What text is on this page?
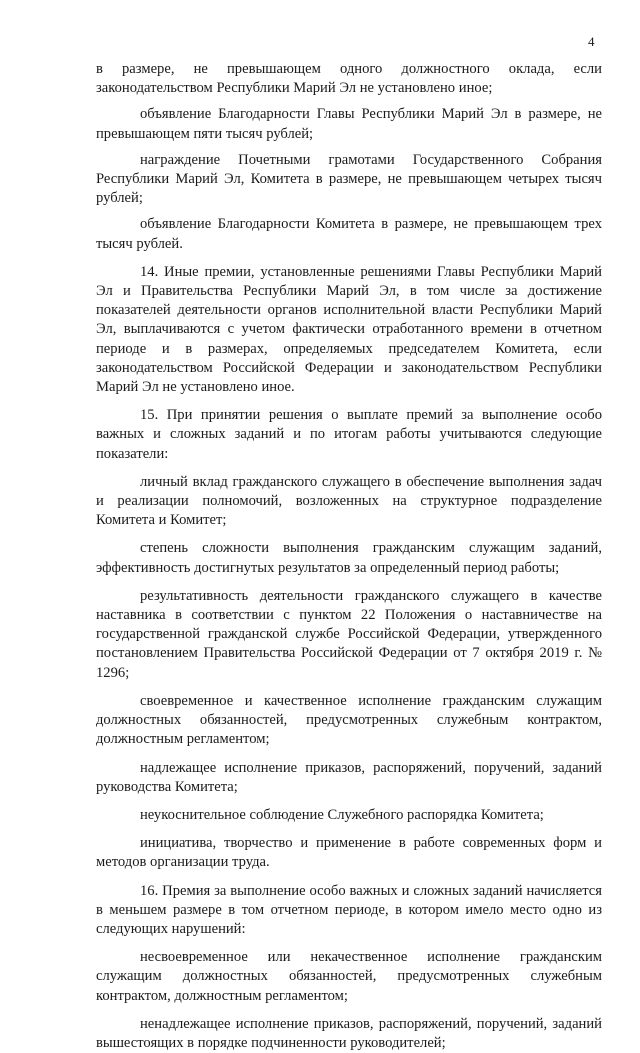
4

в размере, не превышающем одного должностного оклада, если законодательством Республики Марий Эл не установлено иное;

объявление Благодарности Главы Республики Марий Эл в размере, не превышающем пяти тысяч рублей;

награждение Почетными грамотами Государственного Собрания Республики Марий Эл, Комитета в размере, не превышающем четырех тысяч рублей;

объявление Благодарности Комитета в размере, не превышающем трех тысяч рублей.

14. Иные премии, установленные решениями Главы Республики Марий Эл и Правительства Республики Марий Эл, в том числе за достижение показателей деятельности органов исполнительной власти Республики Марий Эл, выплачиваются с учетом фактически отработанного времени в отчетном периоде и в размерах, определяемых председателем Комитета, если законодательством Российской Федерации и законодательством Республики Марий Эл не установлено иное.

15. При принятии решения о выплате премий за выполнение особо важных и сложных заданий и по итогам работы учитываются следующие показатели:

личный вклад гражданского служащего в обеспечение выполнения задач и реализации полномочий, возложенных на структурное подразделение Комитета и Комитет;

степень сложности выполнения гражданским служащим заданий, эффективность достигнутых результатов за определенный период работы;

результативность деятельности гражданского служащего в качестве наставника в соответствии с пунктом 22 Положения о наставничестве на государственной гражданской службе Российской Федерации, утвержденного постановлением Правительства Российской Федерации от 7 октября 2019 г. № 1296;

своевременное и качественное исполнение гражданским служащим должностных обязанностей, предусмотренных служебным контрактом, должностным регламентом;

надлежащее исполнение приказов, распоряжений, поручений, заданий руководства Комитета;

неукоснительное соблюдение Служебного распорядка Комитета;

инициатива, творчество и применение в работе современных форм и методов организации труда.

16. Премия за выполнение особо важных и сложных заданий начисляется в меньшем размере в том отчетном периоде, в котором имело место одно из следующих нарушений:

несвоевременное или некачественное исполнение гражданским служащим должностных обязанностей, предусмотренных служебным контрактом, должностным регламентом;

ненадлежащее исполнение приказов, распоряжений, поручений, заданий вышестоящих в порядке подчиненности руководителей;
